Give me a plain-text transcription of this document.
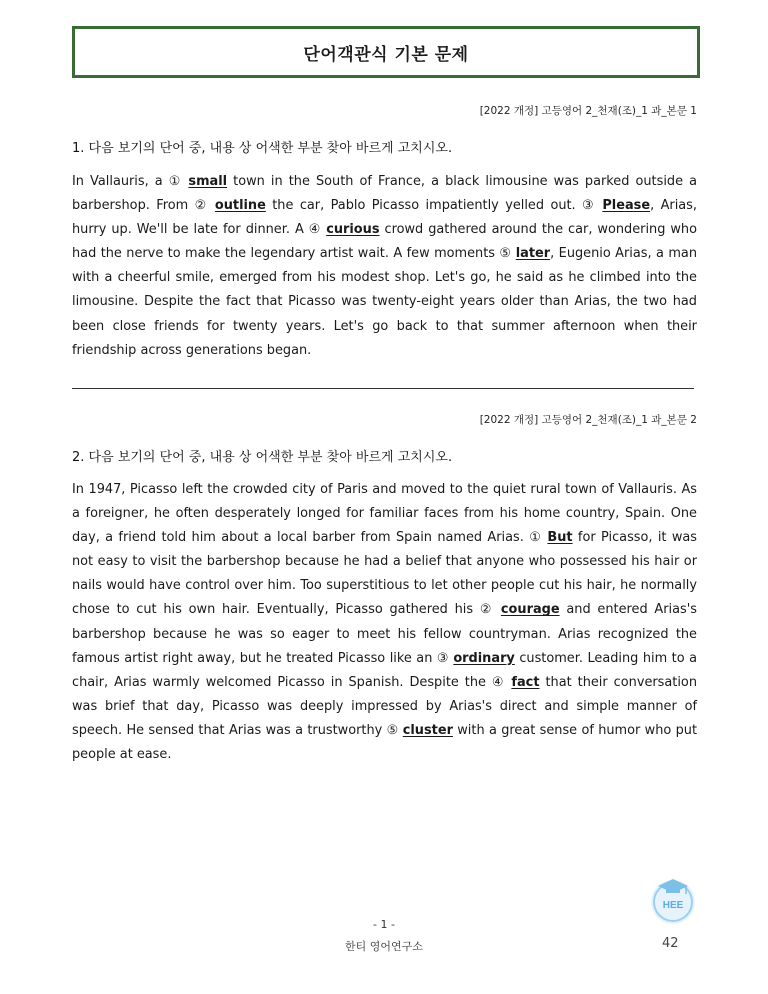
단어객관식 기본 문제
[2022 개정] 고등영어 2_천재(조)_1 과_본문 1
1. 다음 보기의 단어 중, 내용 상 어색한 부분 찾아 바르게 고치시오.

In Vallauris, a ① small town in the South of France, a black limousine was parked outside a barbershop. From ② outline the car, Pablo Picasso impatiently yelled out. ③ Please, Arias, hurry up. We'll be late for dinner. A ④ curious crowd gathered around the car, wondering who had the nerve to make the legendary artist wait. A few moments ⑤ later, Eugenio Arias, a man with a cheerful smile, emerged from his modest shop. Let's go, he said as he climbed into the limousine. Despite the fact that Picasso was twenty-eight years older than Arias, the two had been close friends for twenty years. Let's go back to that summer afternoon when their friendship across generations began.

[2022 개정] 고등영어 2_천재(조)_1 과_본문 2
2. 다음 보기의 단어 중, 내용 상 어색한 부분 찾아 바르게 고치시오.

In 1947, Picasso left the crowded city of Paris and moved to the quiet rural town of Vallauris. As a foreigner, he often desperately longed for familiar faces from his home country, Spain. One day, a friend told him about a local barber from Spain named Arias. ① But for Picasso, it was not easy to visit the barbershop because he had a belief that anyone who possessed his hair or nails would have control over him. Too superstitious to let other people cut his hair, he normally chose to cut his own hair. Eventually, Picasso gathered his ② courage and entered Arias's barbershop because he was so eager to meet his fellow countryman. Arias recognized the famous artist right away, but he treated Picasso like an ③ ordinary customer. Leading him to a chair, Arias warmly welcomed Picasso in Spanish. Despite the ④ fact that their conversation was brief that day, Picasso was deeply impressed by Arias's direct and simple manner of speech. He sensed that Arias was a trustworthy ⑤ cluster with a great sense of humor who put people at ease.

HEE
- 1 -
한티 영어연구소	42
